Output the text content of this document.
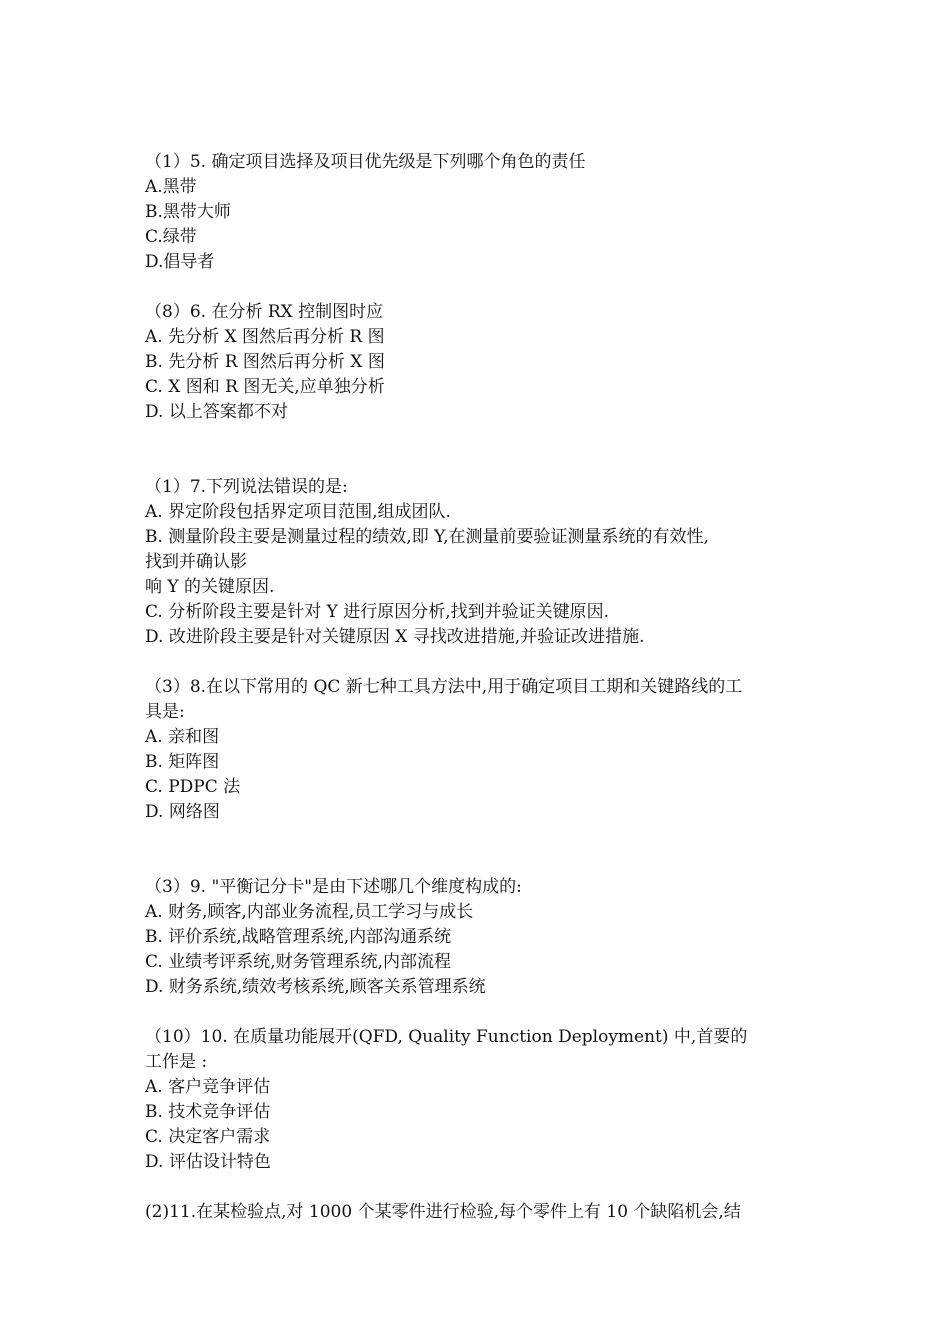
（1）5. 确定项目选择及项目优先级是下列哪个角色的责任
A.黑带
B.黑带大师
C.绿带
D.倡导者
（8）6. 在分析 RX 控制图时应
A. 先分析 X 图然后再分析 R 图
B. 先分析 R 图然后再分析 X 图
C. X 图和 R 图无关,应单独分析
D. 以上答案都不对
（1）7.下列说法错误的是:
A. 界定阶段包括界定项目范围,组成团队.
B. 测量阶段主要是测量过程的绩效,即 Y,在测量前要验证测量系统的有效性,
找到并确认影
响 Y 的关键原因.
C. 分析阶段主要是针对 Y 进行原因分析,找到并验证关键原因.
D. 改进阶段主要是针对关键原因 X 寻找改进措施,并验证改进措施.
（3）8.在以下常用的 QC 新七种工具方法中,用于确定项目工期和关键路线的工
具是:
A. 亲和图
B. 矩阵图
C. PDPC 法
D. 网络图
（3）9. "平衡记分卡"是由下述哪几个维度构成的:
A. 财务,顾客,内部业务流程,员工学习与成长
B. 评价系统,战略管理系统,内部沟通系统
C. 业绩考评系统,财务管理系统,内部流程
D. 财务系统,绩效考核系统,顾客关系管理系统
（10）10. 在质量功能展开(QFD, Quality Function Deployment) 中,首要的
工作是 :
A. 客户竞争评估
B. 技术竞争评估
C. 决定客户需求
D. 评估设计特色
(2)11.在某检验点,对 1000 个某零件进行检验,每个零件上有 10 个缺陷机会,结
